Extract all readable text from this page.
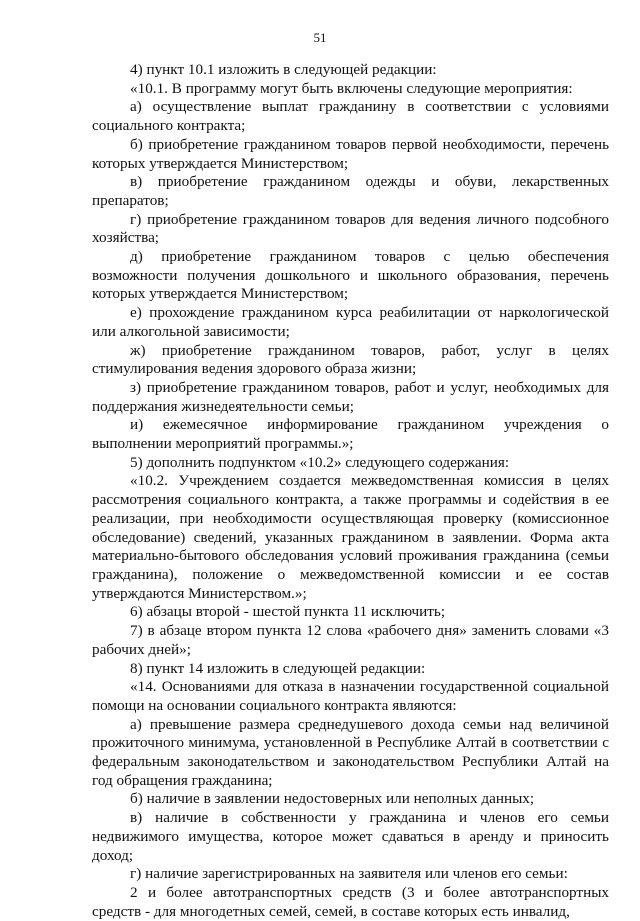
51

4) пункт 10.1 изложить в следующей редакции:

«10.1. В программу могут быть включены следующие мероприятия:

а) осуществление выплат гражданину в соответствии с условиями социального контракта;

б) приобретение гражданином товаров первой необходимости, перечень которых утверждается Министерством;

в) приобретение гражданином одежды и обуви, лекарственных препаратов;

г) приобретение гражданином товаров для ведения личного подсобного хозяйства;

д) приобретение гражданином товаров с целью обеспечения возможности получения дошкольного и школьного образования, перечень которых утверждается Министерством;

е) прохождение гражданином курса реабилитации от наркологической или алкогольной зависимости;

ж) приобретение гражданином товаров, работ, услуг в целях стимулирования ведения здорового образа жизни;

з) приобретение гражданином товаров, работ и услуг, необходимых для поддержания жизнедеятельности семьи;

и) ежемесячное информирование гражданином учреждения о выполнении мероприятий программы.»;

5) дополнить подпунктом «10.2» следующего содержания:

«10.2. Учреждением создается межведомственная комиссия в целях рассмотрения социального контракта, а также программы и содействия в ее реализации, при необходимости осуществляющая проверку (комиссионное обследование) сведений, указанных гражданином в заявлении. Форма акта материально-бытового обследования условий проживания гражданина (семьи гражданина), положение о межведомственной комиссии и ее состав утверждаются Министерством.»;

6) абзацы второй - шестой пункта 11 исключить;

7) в абзаце втором пункта 12 слова «рабочего дня» заменить словами «3 рабочих дней»;

8) пункт 14 изложить в следующей редакции:

«14. Основаниями для отказа в назначении государственной социальной помощи на основании социального контракта являются:

а) превышение размера среднедушевого дохода семьи над величиной прожиточного минимума, установленной в Республике Алтай в соответствии с федеральным законодательством и законодательством Республики Алтай на год обращения гражданина;

б) наличие в заявлении недостоверных или неполных данных;

в) наличие в собственности у гражданина и членов его семьи недвижимого имущества, которое может сдаваться в аренду и приносить доход;

г) наличие зарегистрированных на заявителя или членов его семьи:

2 и более автотранспортных средств (3 и более автотранспортных средств - для многодетных семей, семей, в составе которых есть инвалид,
